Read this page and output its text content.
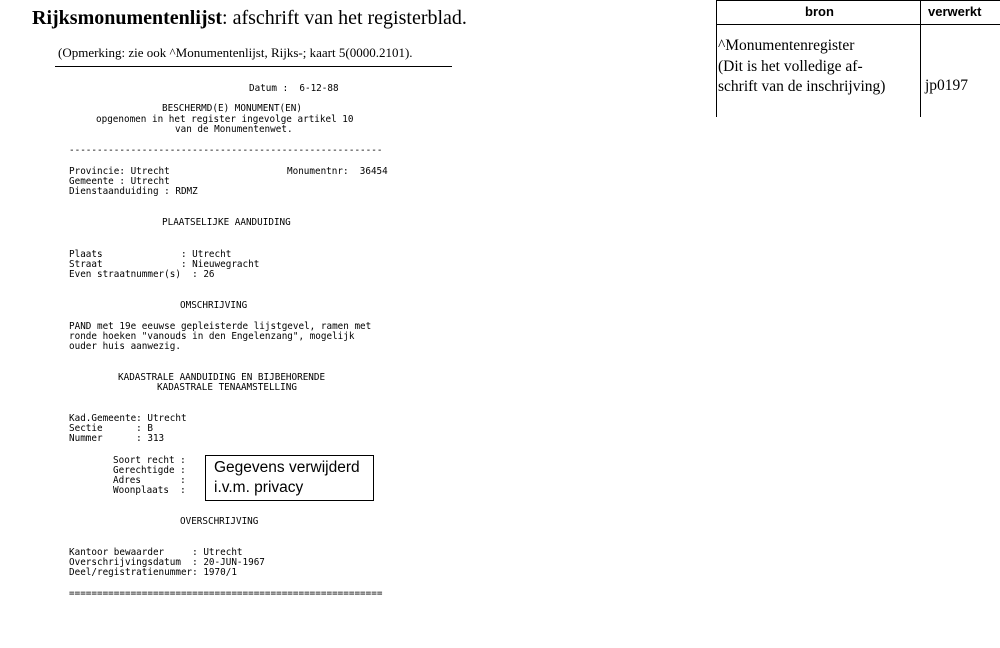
Rijksmonumentenlijst: afschrift van het registerblad.
(Opmerking: zie ook ^Monumentenlijst, Rijks-; kaart 5(0000.2101).
Datum :  6-12-88
BESCHERMD(E) MONUMENT(EN)
opgenomen in het register ingevolge artikel 10
van de Monumentenwet.
--------------------------------------------------------
Provincie: Utrecht	Monumentnr:  36454
Gemeente : Utrecht
Dienstaanduiding : RDMZ
PLAATSELIJKE AANDUIDING
Plaats              : Utrecht
Straat              : Nieuwegracht
Even straatnummer(s)  : 26
OMSCHRIJVING
PAND met 19e eeuwse gepleisterde lijstgevel, ramen met
ronde hoeken "vanouds in den Engelenzang", mogelijk
ouder huis aanwezig.
KADASTRALE AANDUIDING EN BIJBEHORENDE
KADASTRALE TENAAMSTELLING
Kad.Gemeente: Utrecht
Sectie      : B
Nummer      : 313
Soort recht :
Gerechtigde :
Adres       :
Woonplaats  :
Gegevens verwijderd
i.v.m. privacy
OVERSCHRIJVING
Kantoor bewaarder     : Utrecht
Overschrijvingsdatum  : 20-JUN-1967
Deel/registratienummer: 1970/1
========================================================
bron	verwerkt
^Monumentenregister
(Dit is het volledige af-
schrift van de inschrijving)	jp0197
